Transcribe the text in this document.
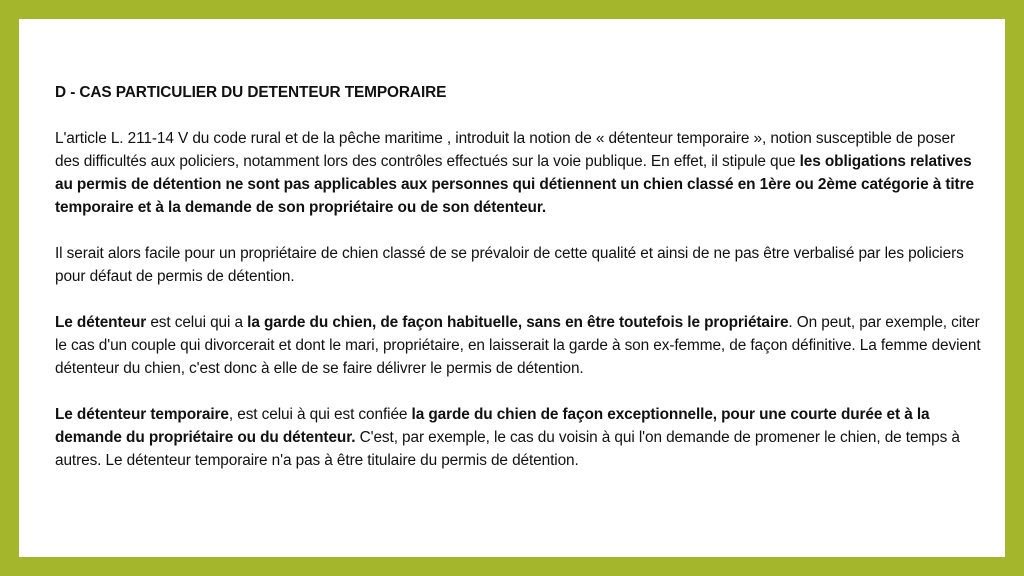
D - CAS PARTICULIER DU DETENTEUR TEMPORAIRE
L'article L. 211-14 V du code rural et de la pêche maritime , introduit la notion de « détenteur temporaire », notion susceptible de poser des difficultés aux policiers, notamment lors des contrôles effectués sur la voie publique. En effet, il stipule que les obligations relatives au permis de détention ne sont pas applicables aux personnes qui détiennent un chien classé en 1ère ou 2ème catégorie à titre temporaire et à la demande de son propriétaire ou de son détenteur.
Il serait alors facile pour un propriétaire de chien classé de se prévaloir de cette qualité et ainsi de ne pas être verbalisé par les policiers pour défaut de permis de détention.
Le détenteur est celui qui a la garde du chien, de façon habituelle, sans en être toutefois le propriétaire. On peut, par exemple, citer le cas d'un couple qui divorcerait et dont le mari, propriétaire, en laisserait la garde à son ex-femme, de façon définitive. La femme devient détenteur du chien, c'est donc à elle de se faire délivrer le permis de détention.
Le détenteur temporaire, est celui à qui est confiée la garde du chien de façon exceptionnelle, pour une courte durée et à la demande du propriétaire ou du détenteur. C'est, par exemple, le cas du voisin à qui l'on demande de promener le chien, de temps à autres. Le détenteur temporaire n'a pas à être titulaire du permis de détention.
